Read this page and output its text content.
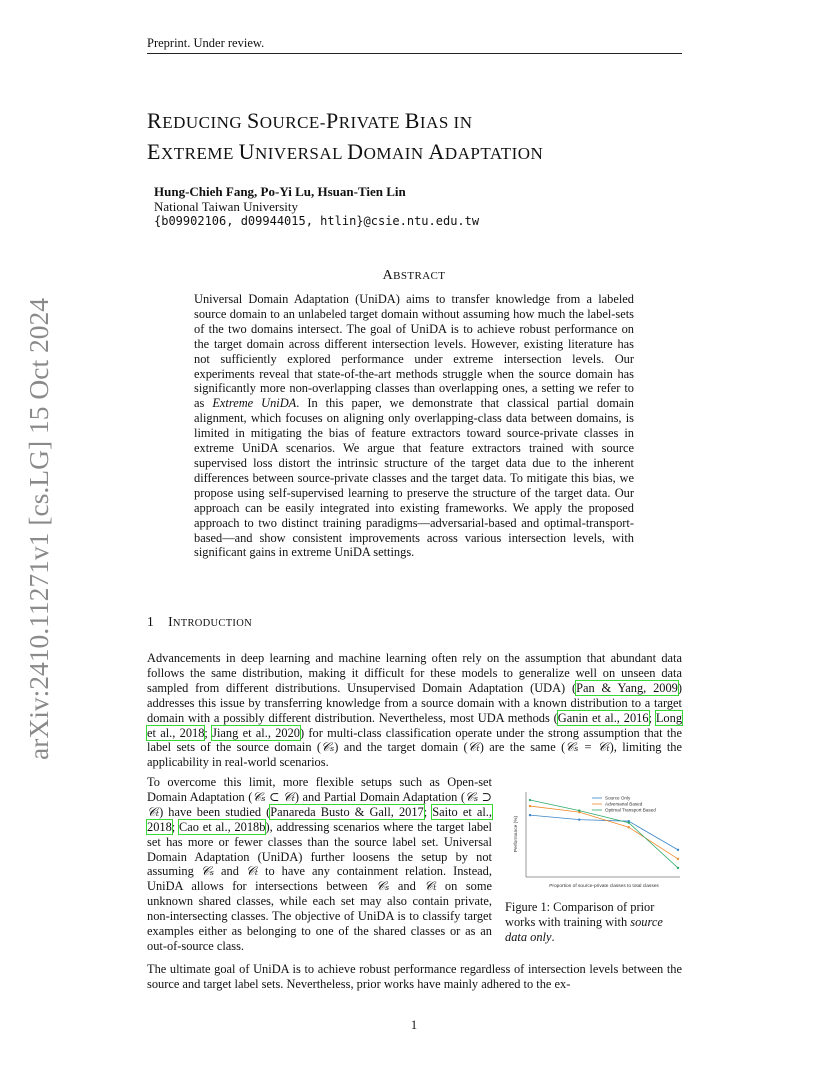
Preprint. Under review.
arXiv:2410.11271v1 [cs.LG] 15 Oct 2024
REDUCING SOURCE-PRIVATE BIAS IN
EXTREME UNIVERSAL DOMAIN ADAPTATION
Hung-Chieh Fang, Po-Yi Lu, Hsuan-Tien Lin
National Taiwan University
{b09902106, d09944015, htlin}@csie.ntu.edu.tw
ABSTRACT
Universal Domain Adaptation (UniDA) aims to transfer knowledge from a labeled source domain to an unlabeled target domain without assuming how much the label-sets of the two domains intersect. The goal of UniDA is to achieve robust performance on the target domain across different intersection levels. However, existing literature has not sufficiently explored performance under extreme intersection levels. Our experiments reveal that state-of-the-art methods struggle when the source domain has significantly more non-overlapping classes than overlapping ones, a setting we refer to as Extreme UniDA. In this paper, we demonstrate that classical partial domain alignment, which focuses on aligning only overlapping-class data between domains, is limited in mitigating the bias of feature extractors toward source-private classes in extreme UniDA scenarios. We argue that feature extractors trained with source supervised loss distort the intrinsic structure of the target data due to the inherent differences between source-private classes and the target data. To mitigate this bias, we propose using self-supervised learning to preserve the structure of the target data. Our approach can be easily integrated into existing frameworks. We apply the proposed approach to two distinct training paradigms—adversarial-based and optimal-transport-based—and show consistent improvements across various intersection levels, with significant gains in extreme UniDA settings.
1 INTRODUCTION
Advancements in deep learning and machine learning often rely on the assumption that abundant data follows the same distribution, making it difficult for these models to generalize well on unseen data sampled from different distributions. Unsupervised Domain Adaptation (UDA) (Pan & Yang, 2009) addresses this issue by transferring knowledge from a source domain with a known distribution to a target domain with a possibly different distribution. Nevertheless, most UDA methods (Ganin et al., 2016; Long et al., 2018; Jiang et al., 2020) for multi-class classification operate under the strong assumption that the label sets of the source domain (𝒞ₛ) and the target domain (𝒞ₜ) are the same (𝒞ₛ = 𝒞ₜ), limiting the applicability in real-world scenarios.
To overcome this limit, more flexible setups such as Open-set Domain Adaptation (𝒞ₛ ⊂ 𝒞ₜ) and Partial Domain Adaptation (𝒞ₛ ⊃ 𝒞ₜ) have been studied (Panareda Busto & Gall, 2017; Saito et al., 2018; Cao et al., 2018b), addressing scenarios where the target label set has more or fewer classes than the source label set. Universal Domain Adaptation (UniDA) further loosens the setup by not assuming 𝒞ₛ and 𝒞ₜ to have any containment relation. Instead, UniDA allows for intersections between 𝒞ₛ and 𝒞ₜ on some unknown shared classes, while each set may also contain private, non-intersecting classes. The objective of UniDA is to classify target examples either as belonging to one of the shared classes or as an out-of-source class.
Source Only
Adversarial Based
Optimal Transport Based
Proportion of source-private classes to total classes
Performance (%)
Figure 1: Comparison of prior works with training with source data only.
The ultimate goal of UniDA is to achieve robust performance regardless of intersection levels between the source and target label sets. Nevertheless, prior works have mainly adhered to the ex-
1
